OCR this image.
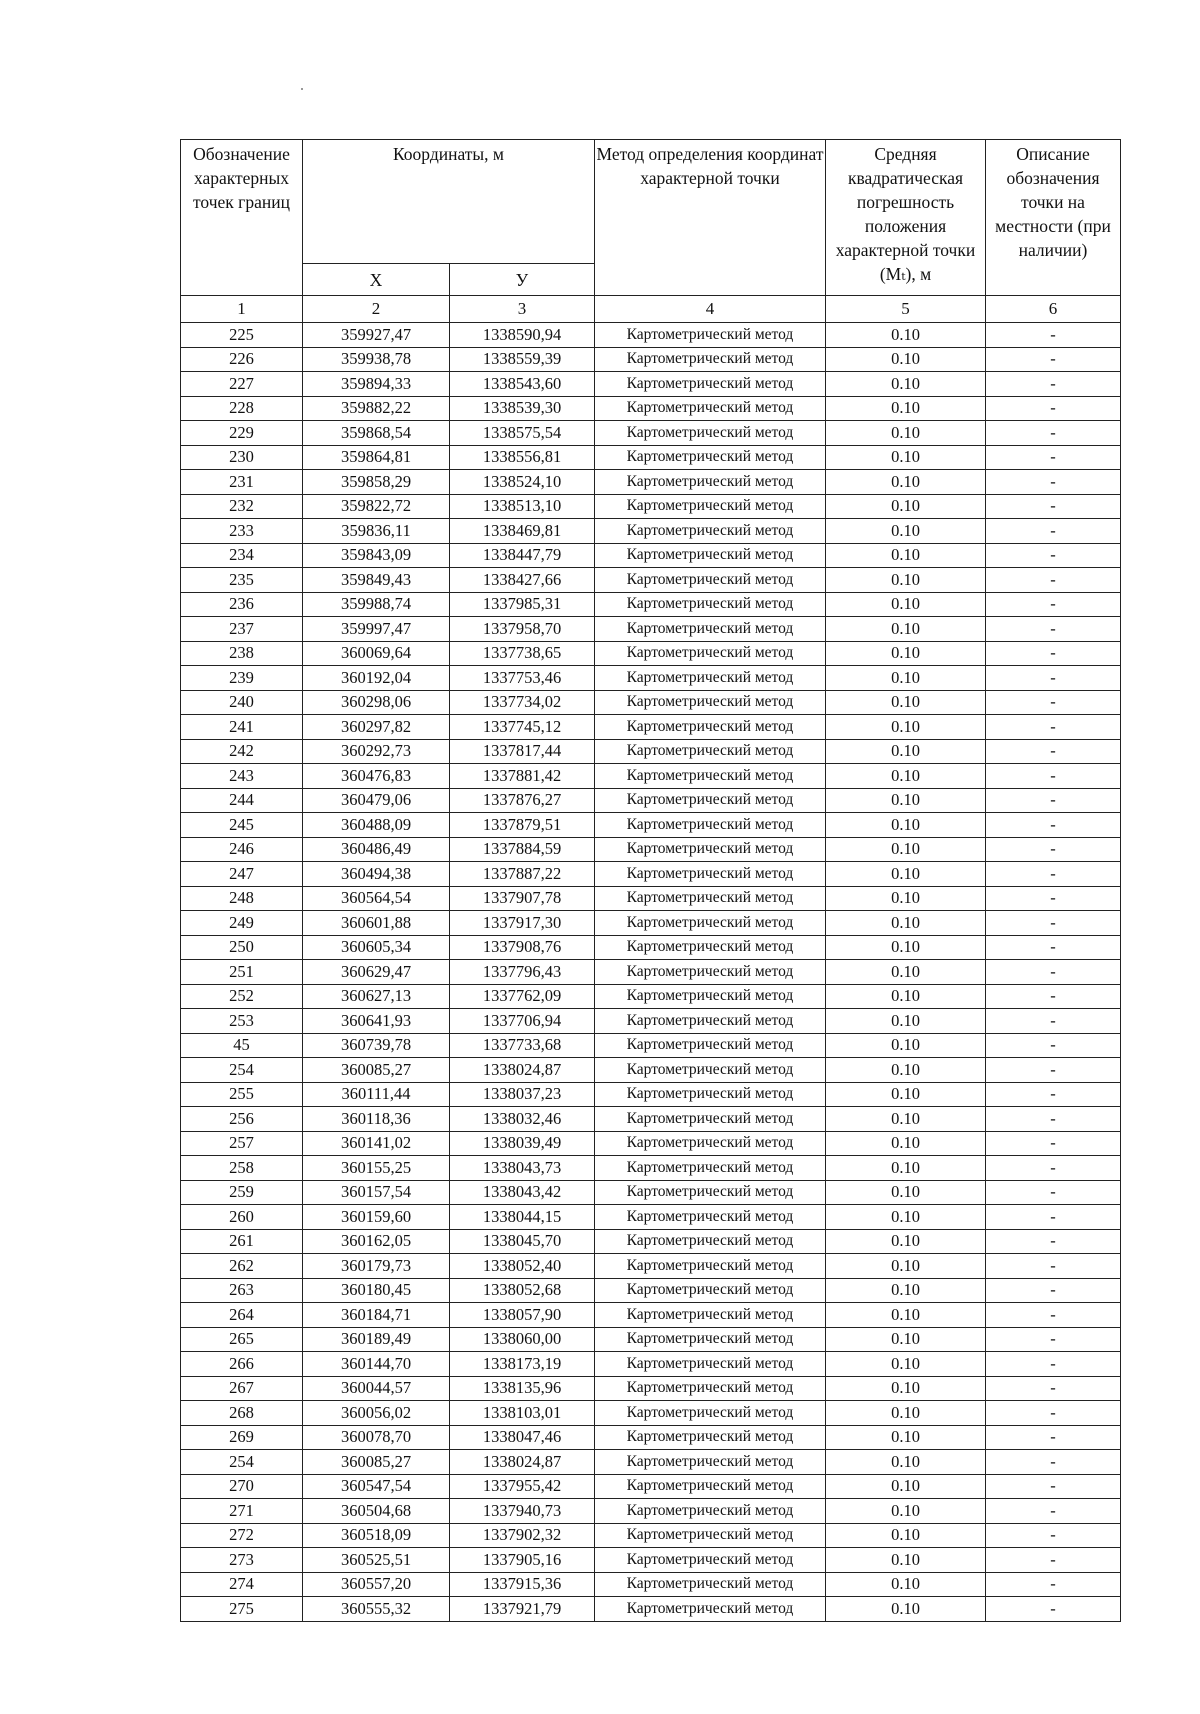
Обозначение характерных точек границ	Координаты, м		Метод определения координат характерной точки	Средняя квадратическая погрешность положения характерной точки (Mₜ), м	Описание обозначения точки на местности (при наличии)
	Х	У			
1	2	3	4	5	6
225	359927,47	1338590,94	Картометрический метод	0.10	-
226	359938,78	1338559,39	Картометрический метод	0.10	-
227	359894,33	1338543,60	Картометрический метод	0.10	-
228	359882,22	1338539,30	Картометрический метод	0.10	-
229	359868,54	1338575,54	Картометрический метод	0.10	-
230	359864,81	1338556,81	Картометрический метод	0.10	-
231	359858,29	1338524,10	Картометрический метод	0.10	-
232	359822,72	1338513,10	Картометрический метод	0.10	-
233	359836,11	1338469,81	Картометрический метод	0.10	-
234	359843,09	1338447,79	Картометрический метод	0.10	-
235	359849,43	1338427,66	Картометрический метод	0.10	-
236	359988,74	1337985,31	Картометрический метод	0.10	-
237	359997,47	1337958,70	Картометрический метод	0.10	-
238	360069,64	1337738,65	Картометрический метод	0.10	-
239	360192,04	1337753,46	Картометрический метод	0.10	-
240	360298,06	1337734,02	Картометрический метод	0.10	-
241	360297,82	1337745,12	Картометрический метод	0.10	-
242	360292,73	1337817,44	Картометрический метод	0.10	-
243	360476,83	1337881,42	Картометрический метод	0.10	-
244	360479,06	1337876,27	Картометрический метод	0.10	-
245	360488,09	1337879,51	Картометрический метод	0.10	-
246	360486,49	1337884,59	Картометрический метод	0.10	-
247	360494,38	1337887,22	Картометрический метод	0.10	-
248	360564,54	1337907,78	Картометрический метод	0.10	-
249	360601,88	1337917,30	Картометрический метод	0.10	-
250	360605,34	1337908,76	Картометрический метод	0.10	-
251	360629,47	1337796,43	Картометрический метод	0.10	-
252	360627,13	1337762,09	Картометрический метод	0.10	-
253	360641,93	1337706,94	Картометрический метод	0.10	-
45	360739,78	1337733,68	Картометрический метод	0.10	-
254	360085,27	1338024,87	Картометрический метод	0.10	-
255	360111,44	1338037,23	Картометрический метод	0.10	-
256	360118,36	1338032,46	Картометрический метод	0.10	-
257	360141,02	1338039,49	Картометрический метод	0.10	-
258	360155,25	1338043,73	Картометрический метод	0.10	-
259	360157,54	1338043,42	Картометрический метод	0.10	-
260	360159,60	1338044,15	Картометрический метод	0.10	-
261	360162,05	1338045,70	Картометрический метод	0.10	-
262	360179,73	1338052,40	Картометрический метод	0.10	-
263	360180,45	1338052,68	Картометрический метод	0.10	-
264	360184,71	1338057,90	Картометрический метод	0.10	-
265	360189,49	1338060,00	Картометрический метод	0.10	-
266	360144,70	1338173,19	Картометрический метод	0.10	-
267	360044,57	1338135,96	Картометрический метод	0.10	-
268	360056,02	1338103,01	Картометрический метод	0.10	-
269	360078,70	1338047,46	Картометрический метод	0.10	-
254	360085,27	1338024,87	Картометрический метод	0.10	-
270	360547,54	1337955,42	Картометрический метод	0.10	-
271	360504,68	1337940,73	Картометрический метод	0.10	-
272	360518,09	1337902,32	Картометрический метод	0.10	-
273	360525,51	1337905,16	Картометрический метод	0.10	-
274	360557,20	1337915,36	Картометрический метод	0.10	-
275	360555,32	1337921,79	Картометрический метод	0.10	-
